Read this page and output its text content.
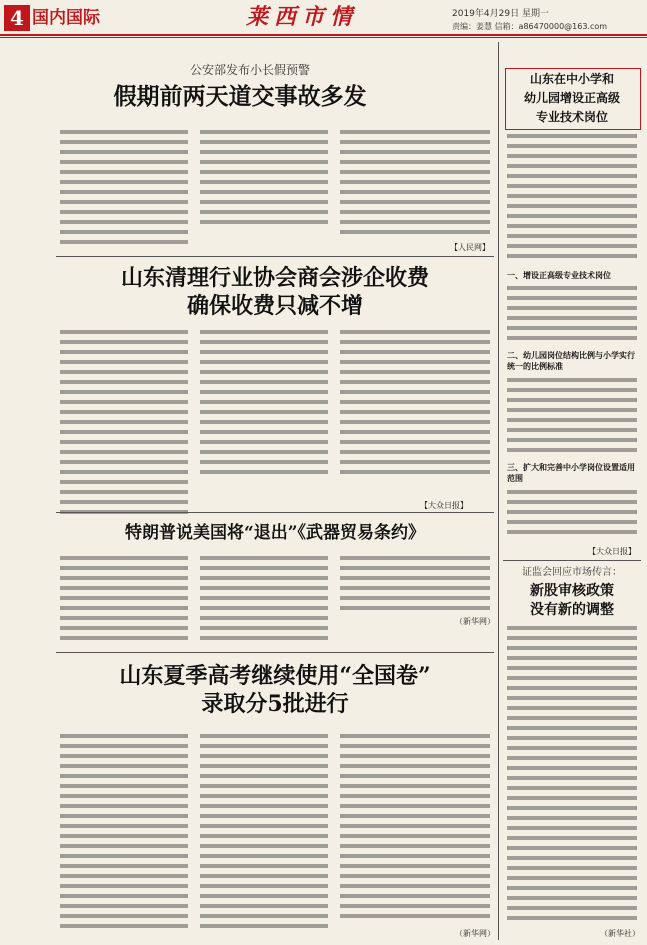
4 国内国际	莱西市情	2019年4月29日 星期一
责编：姜慧 信箱：a86470000@163.com
公安部发布小长假预警
假期前两天道交事故多发
【人民网】
山东清理行业协会商会涉企收费
确保收费只减不增
【大众日报】
特朗普说美国将“退出”《武器贸易条约》
（新华网）
山东夏季高考继续使用“全国卷”
录取分5批进行
（新华网）
山东在中小学和
幼儿园增设正高级
专业技术岗位
一、增设正高级专业技术岗位
二、幼儿园岗位结构比例与小学实行统一的比例标准
三、扩大和完善中小学岗位设置适用范围
【大众日报】
证监会回应市场传言：
新股审核政策
没有新的调整
（新华社）
